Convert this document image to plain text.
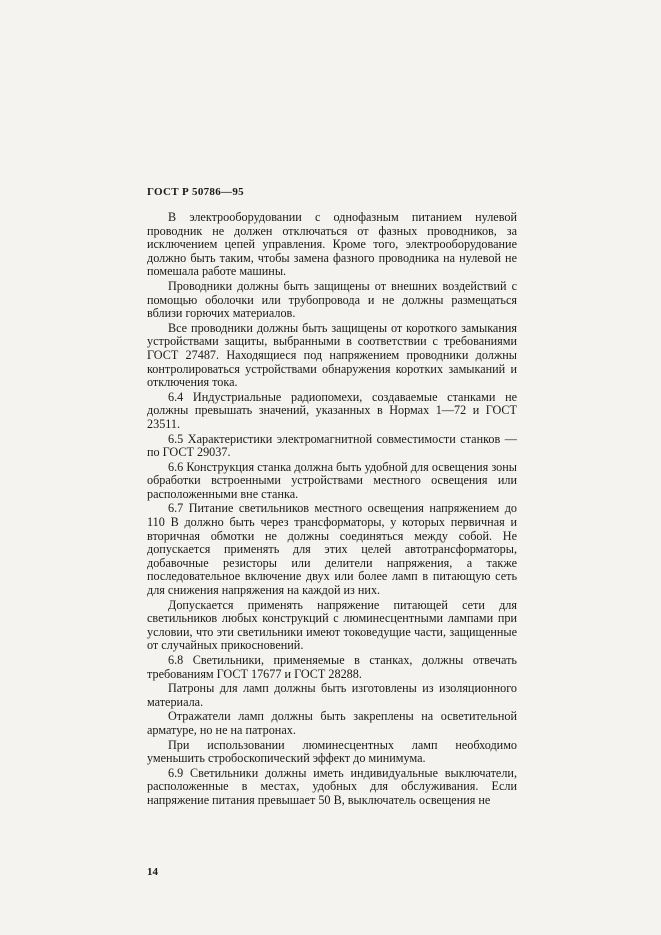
ГОСТ Р 50786—95

В электрооборудовании с однофазным питанием нулевой проводник не должен отключаться от фазных проводников, за исключением цепей управления. Кроме того, электрооборудование должно быть таким, чтобы замена фазного проводника на нулевой не помешала работе машины.

Проводники должны быть защищены от внешних воздействий с помощью оболочки или трубопровода и не должны размещаться вблизи горючих материалов.

Все проводники должны быть защищены от короткого замыкания устройствами защиты, выбранными в соответствии с требованиями ГОСТ 27487. Находящиеся под напряжением проводники должны контролироваться устройствами обнаружения коротких замыканий и отключения тока.

6.4 Индустриальные радиопомехи, создаваемые станками не должны превышать значений, указанных в Нормах 1—72 и ГОСТ 23511.

6.5 Характеристики электромагнитной совместимости станков — по ГОСТ 29037.

6.6 Конструкция станка должна быть удобной для освещения зоны обработки встроенными устройствами местного освещения или расположенными вне станка.

6.7 Питание светильников местного освещения напряжением до 110 В должно быть через трансформаторы, у которых первичная и вторичная обмотки не должны соединяться между собой. Не допускается применять для этих целей автотрансформаторы, добавочные резисторы или делители напряжения, а также последовательное включение двух или более ламп в питающую сеть для снижения напряжения на каждой из них.

Допускается применять напряжение питающей сети для светильников любых конструкций с люминесцентными лампами при условии, что эти светильники имеют токоведущие части, защищенные от случайных прикосновений.

6.8 Светильники, применяемые в станках, должны отвечать требованиям ГОСТ 17677 и ГОСТ 28288.

Патроны для ламп должны быть изготовлены из изоляционного материала.

Отражатели ламп должны быть закреплены на осветительной арматуре, но не на патронах.

При использовании люминесцентных ламп необходимо уменьшить стробоскопический эффект до минимума.

6.9 Светильники должны иметь индивидуальные выключатели, расположенные в местах, удобных для обслуживания. Если напряжение питания превышает 50 В, выключатель освещения не

14
